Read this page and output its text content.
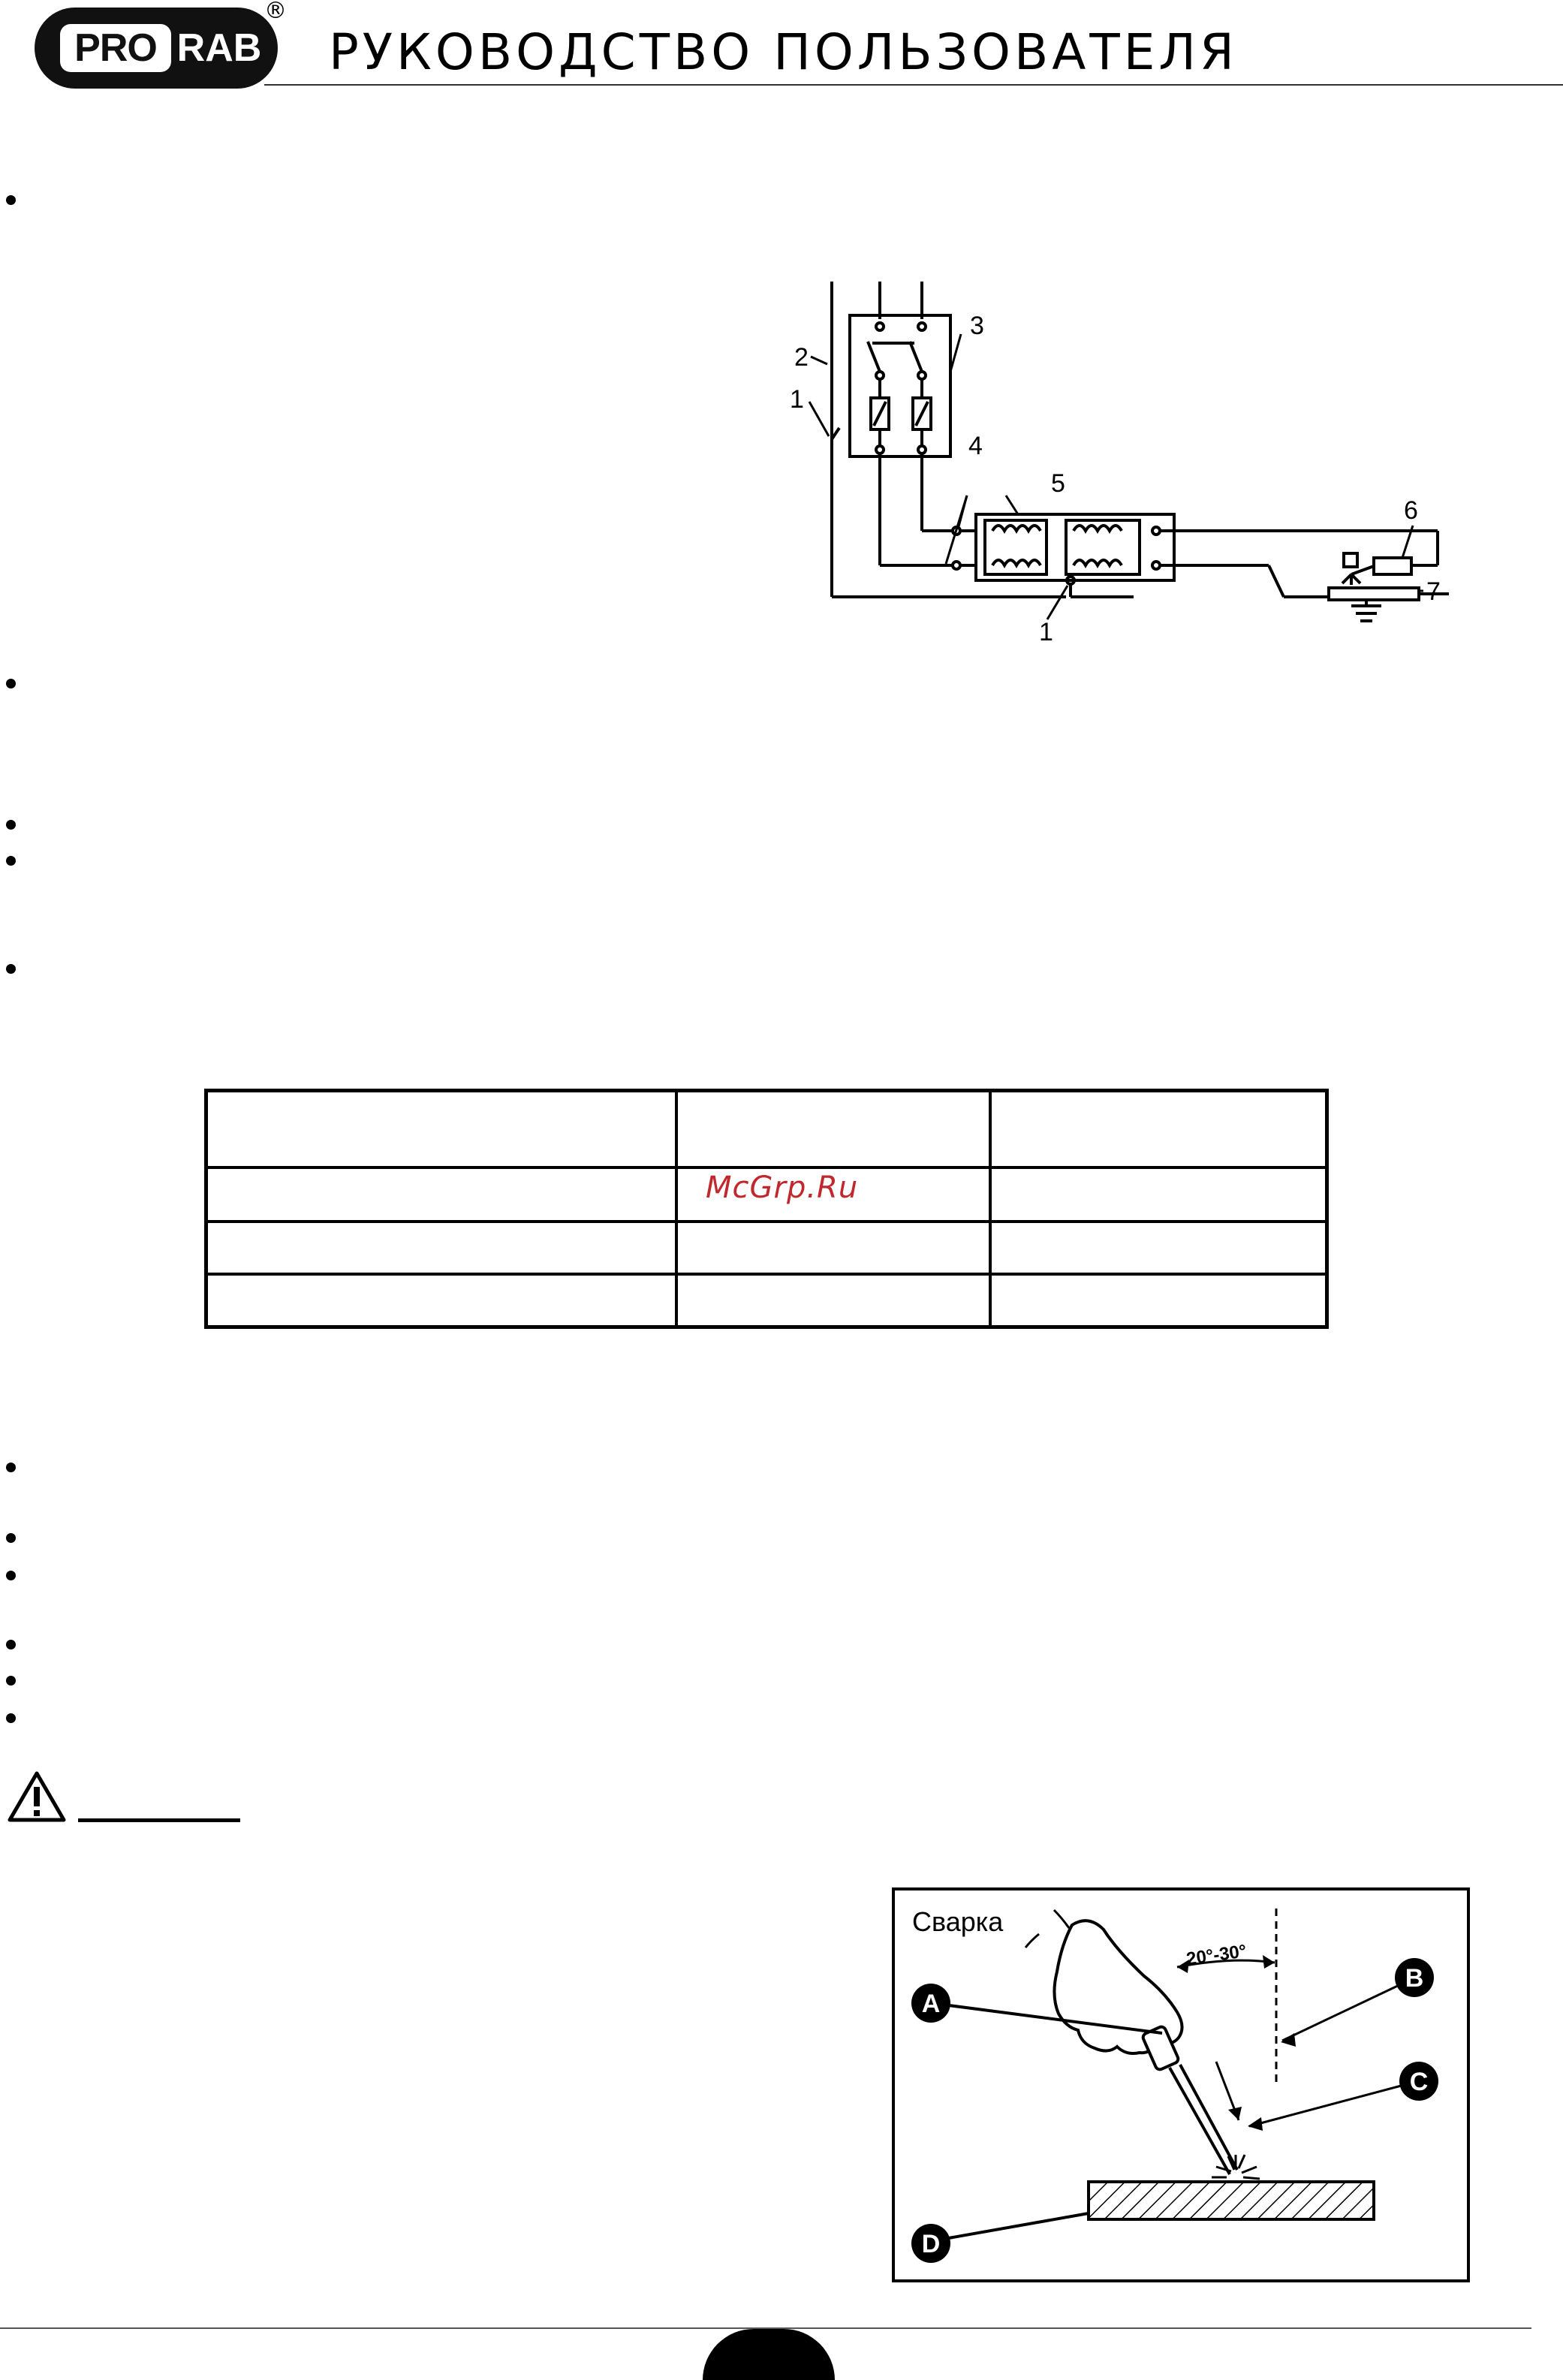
PRO RAB
®
РУКОВОДСТВО ПОЛЬЗОВАТЕЛЯ
2
1
3
4
5
6
7
1
McGrp.Ru
20°-30°
A
B
C
D
Сварка
